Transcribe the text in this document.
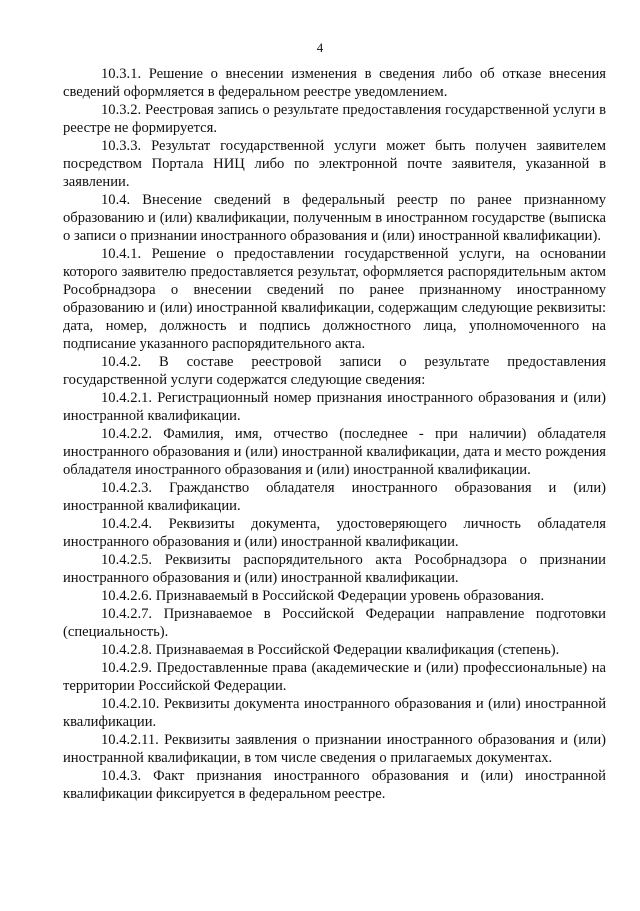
4

10.3.1. Решение о внесении изменения в сведения либо об отказе внесения сведений оформляется в федеральном реестре уведомлением.

10.3.2. Реестровая запись о результате предоставления государственной услуги в реестре не формируется.

10.3.3. Результат государственной услуги может быть получен заявителем посредством Портала НИЦ либо по электронной почте заявителя, указанной в заявлении.

10.4. Внесение сведений в федеральный реестр по ранее признанному образованию и (или) квалификации, полученным в иностранном государстве (выписка о записи о признании иностранного образования и (или) иностранной квалификации).

10.4.1. Решение о предоставлении государственной услуги, на основании которого заявителю предоставляется результат, оформляется распорядительным актом Рособрнадзора о внесении сведений по ранее признанному иностранному образованию и (или) иностранной квалификации, содержащим следующие реквизиты: дата, номер, должность и подпись должностного лица, уполномоченного на подписание указанного распорядительного акта.

10.4.2. В составе реестровой записи о результате предоставления государственной услуги содержатся следующие сведения:

10.4.2.1. Регистрационный номер признания иностранного образования и (или) иностранной квалификации.

10.4.2.2. Фамилия, имя, отчество (последнее - при наличии) обладателя иностранного образования и (или) иностранной квалификации, дата и место рождения обладателя иностранного образования и (или) иностранной квалификации.

10.4.2.3. Гражданство обладателя иностранного образования и (или) иностранной квалификации.

10.4.2.4. Реквизиты документа, удостоверяющего личность обладателя иностранного образования и (или) иностранной квалификации.

10.4.2.5. Реквизиты распорядительного акта Рособрнадзора о признании иностранного образования и (или) иностранной квалификации.

10.4.2.6. Признаваемый в Российской Федерации уровень образования.

10.4.2.7. Признаваемое в Российской Федерации направление подготовки (специальность).

10.4.2.8. Признаваемая в Российской Федерации квалификация (степень).

10.4.2.9. Предоставленные права (академические и (или) профессиональные) на территории Российской Федерации.

10.4.2.10. Реквизиты документа иностранного образования и (или) иностранной квалификации.

10.4.2.11. Реквизиты заявления о признании иностранного образования и (или) иностранной квалификации, в том числе сведения о прилагаемых документах.

10.4.3. Факт признания иностранного образования и (или) иностранной квалификации фиксируется в федеральном реестре.
